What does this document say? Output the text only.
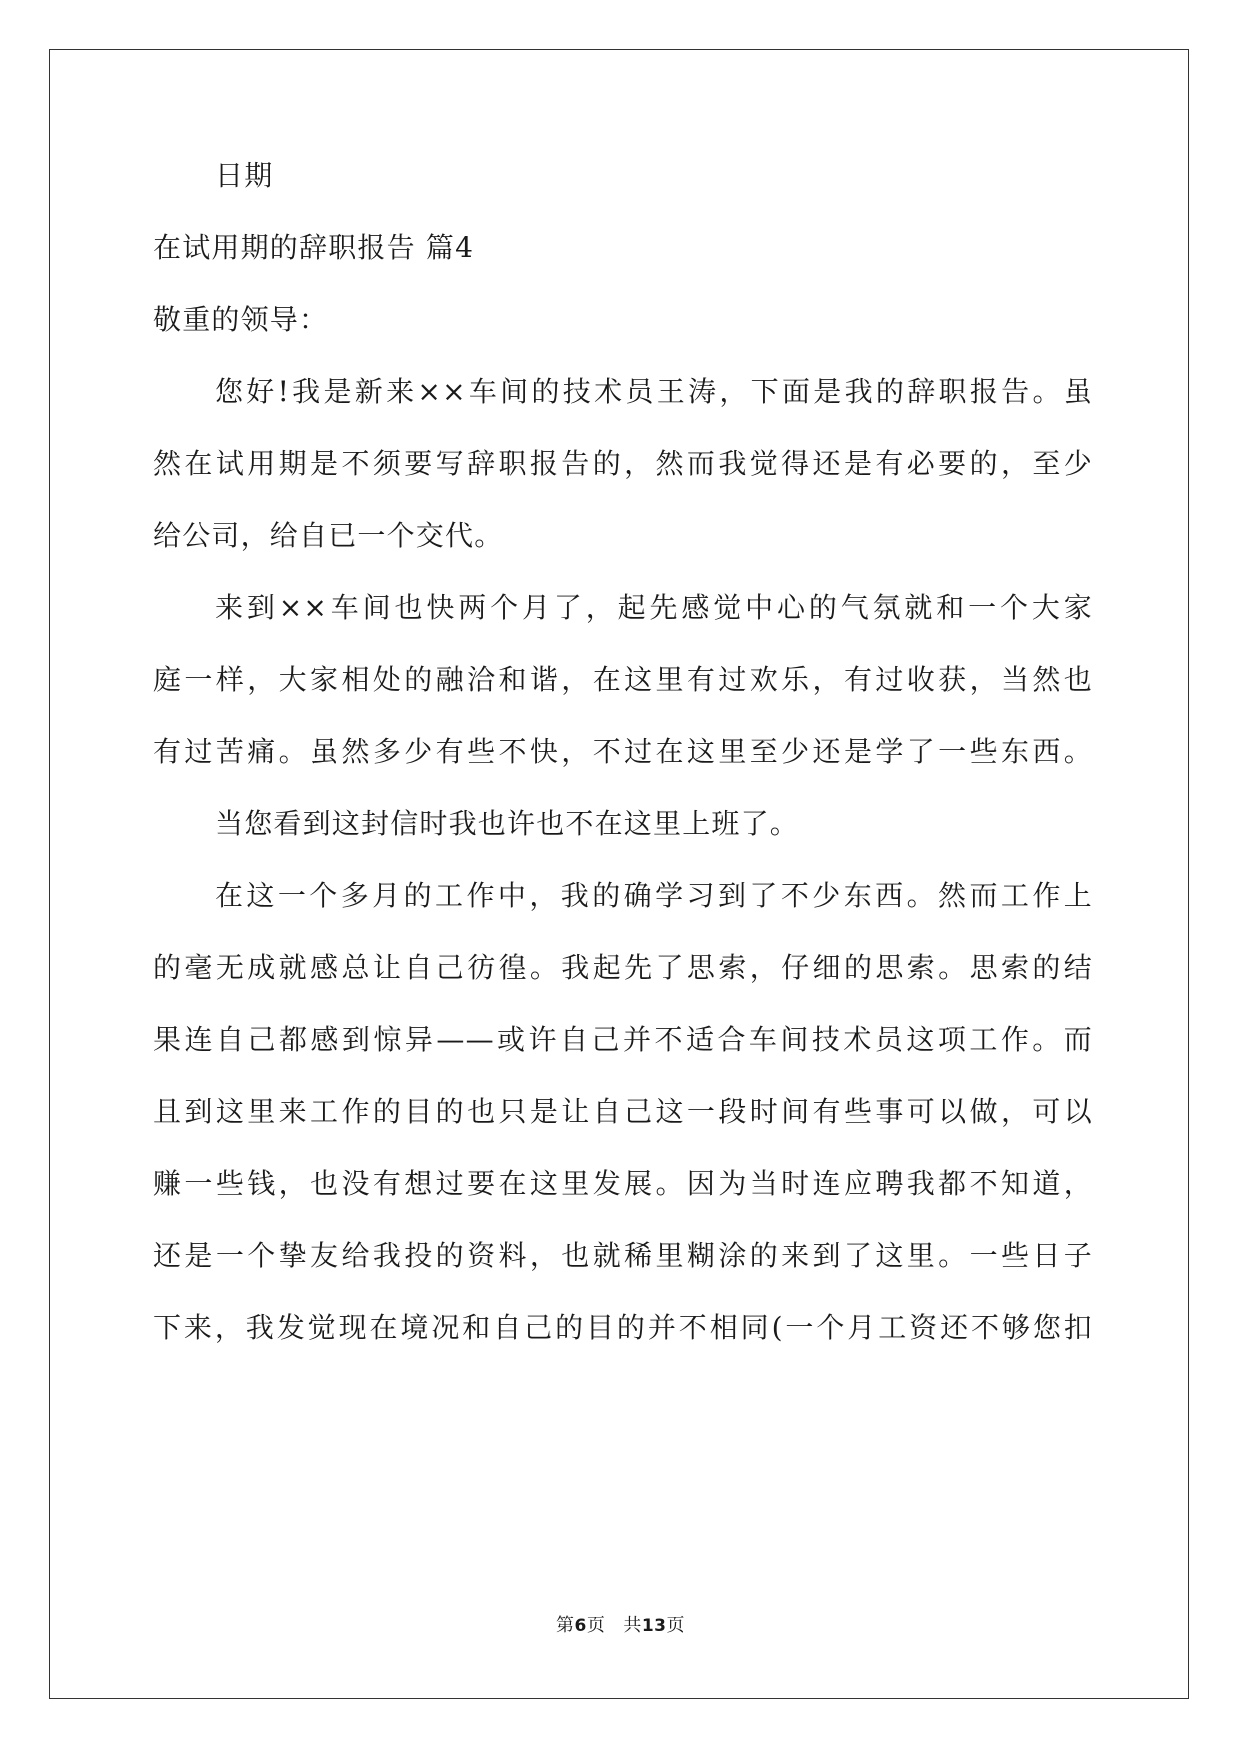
日期
在试用期的辞职报告 篇4
敬重的领导：
您好!我是新来××车间的技术员王涛，下面是我的辞职报告。虽
然在试用期是不须要写辞职报告的，然而我觉得还是有必要的，至少
给公司，给自已一个交代。
来到××车间也快两个月了，起先感觉中心的气氛就和一个大家
庭一样，大家相处的融洽和谐，在这里有过欢乐，有过收获，当然也
有过苦痛。虽然多少有些不快，不过在这里至少还是学了一些东西。
当您看到这封信时我也许也不在这里上班了。
在这一个多月的工作中，我的确学习到了不少东西。然而工作上
的毫无成就感总让自己彷徨。我起先了思索，仔细的思索。思索的结
果连自己都感到惊异——或许自己并不适合车间技术员这项工作。而
且到这里来工作的目的也只是让自己这一段时间有些事可以做，可以
赚一些钱，也没有想过要在这里发展。因为当时连应聘我都不知道，
还是一个挚友给我投的资料，也就稀里糊涂的来到了这里。一些日子
下来，我发觉现在境况和自己的目的并不相同(一个月工资还不够您扣
第6页 共13页
